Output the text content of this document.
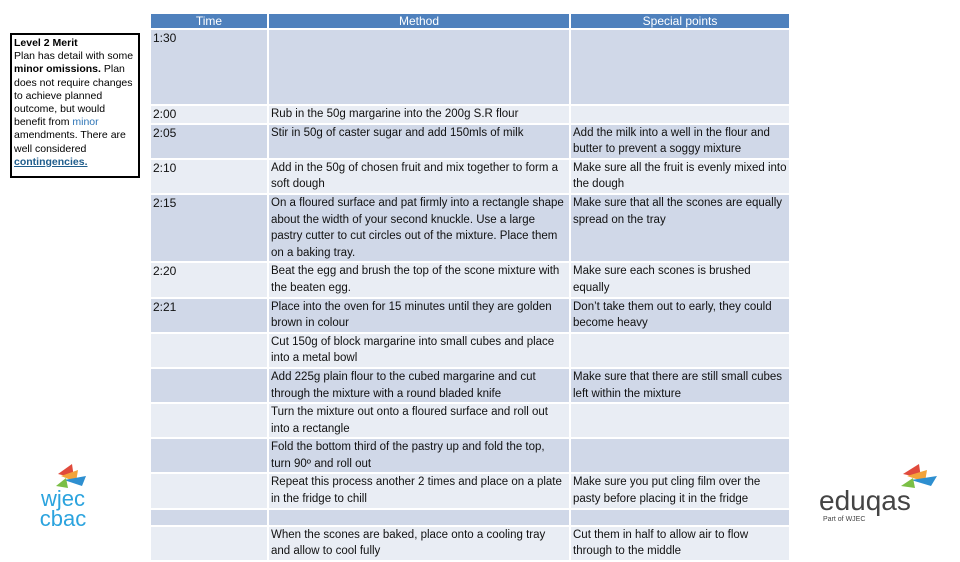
Level 2 Merit
Plan has detail with some minor omissions. Plan does not require changes to achieve planned outcome, but would benefit from minor amendments. There are well considered contingencies.
Time	Method	Special points
1:30		
2:00	Rub in the 50g margarine into the 200g S.R flour	
2:05	Stir in 50g of caster sugar and add 150mls of milk	Add the milk into a well in the flour and butter to prevent a soggy mixture
2:10	Add in the 50g of chosen fruit and mix together to form a soft dough	Make sure all the fruit is evenly mixed into the dough
2:15	On a floured surface and pat firmly into a rectangle shape about the width of your second knuckle. Use a large pastry cutter to cut circles out of the mixture. Place them on a baking tray.	Make sure that all the scones are equally spread on the tray
2:20	Beat the egg and brush the top of the scone mixture with the beaten egg.	Make sure each scones is brushed equally
2:21	Place into the oven for 15 minutes until they are golden brown in colour	Don’t take them out to early, they could become heavy
	Cut 150g of block margarine into small cubes and place into a metal bowl	
	Add 225g plain flour to the cubed margarine and cut through the mixture with a round bladed knife	Make sure that there are still small cubes left within the mixture
	Turn the mixture out onto a floured surface and roll out into a rectangle	
	Fold the bottom third of the pastry up and fold the top, turn 90º and roll out	
	Repeat this process another 2 times and place on a plate in the fridge to chill	Make sure you put cling film over the pasty before placing it in the fridge

	When the scones are baked, place onto a cooling tray and allow to cool fully	Cut them in half to allow air to flow through to the middle
wjec
cbac
eduqas
Part of WJEC
